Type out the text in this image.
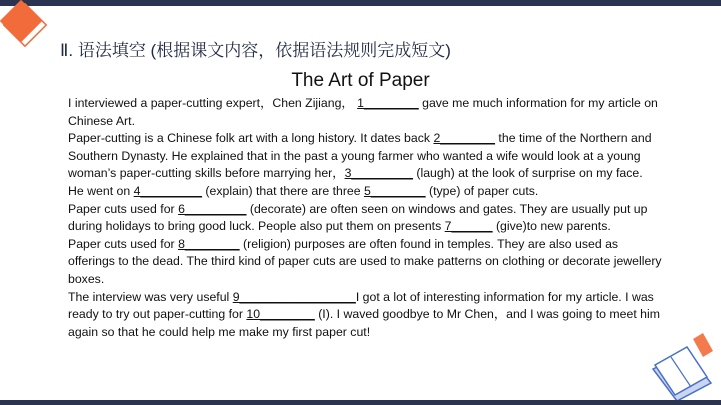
Ⅱ. 语法填空 (根据课文内容，依据语法规则完成短文)
The Art of Paper

I interviewed a paper-cutting expert，Chen Zijiang， 1________ gave me much information for my article on Chinese Art.

Paper-cutting is a Chinese folk art with a long history. It dates back 2________ the time of the Northern and Southern Dynasty. He explained that in the past a young farmer who wanted a wife would look at a young woman’s paper-cutting skills before marrying her，3_________ (laugh) at the look of surprise on my face.

He went on 4_________ (explain) that there are three 5________ (type) of paper cuts.

Paper cuts used for 6_________ (decorate) are often seen on windows and gates. They are usually put up during holidays to bring good luck. People also put them on presents 7______ (give)to new parents.

Paper cuts used for 8________ (religion) purposes are often found in temples. They are also used as offerings to the dead. The third kind of paper cuts are used to make patterns on clothing or decorate jewellery boxes.

The interview was very useful 9_________________I got a lot of interesting information for my article. I was ready to try out paper-cutting for 10________ (I). I waved goodbye to Mr Chen，and I was going to meet him again so that he could help me make my first paper cut!
